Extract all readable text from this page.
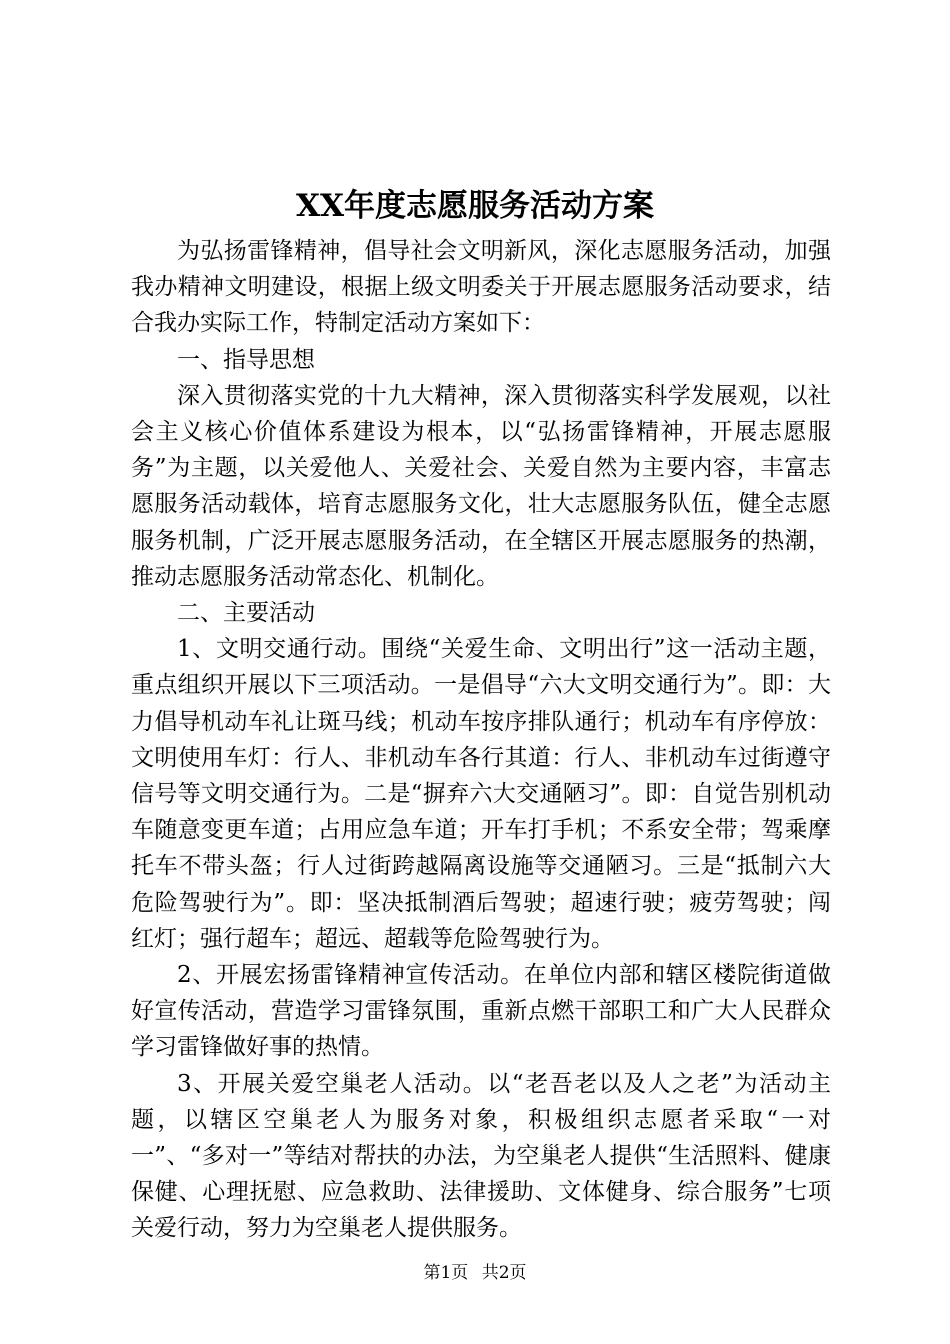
XX年度志愿服务活动方案

为弘扬雷锋精神，倡导社会文明新风，深化志愿服务活动，加强我办精神文明建设，根据上级文明委关于开展志愿服务活动要求，结合我办实际工作，特制定活动方案如下：

一、指导思想

深入贯彻落实党的十九大精神，深入贯彻落实科学发展观，以社会主义核心价值体系建设为根本，以“弘扬雷锋精神，开展志愿服务”为主题，以关爱他人、关爱社会、关爱自然为主要内容，丰富志愿服务活动载体，培育志愿服务文化，壮大志愿服务队伍，健全志愿服务机制，广泛开展志愿服务活动，在全辖区开展志愿服务的热潮，推动志愿服务活动常态化、机制化。

二、主要活动

1、文明交通行动。围绕“关爱生命、文明出行”这一活动主题，重点组织开展以下三项活动。一是倡导“六大文明交通行为”。即：大力倡导机动车礼让斑马线；机动车按序排队通行；机动车有序停放：文明使用车灯：行人、非机动车各行其道：行人、非机动车过街遵守信号等文明交通行为。二是“摒弃六大交通陋习”。即：自觉告别机动车随意变更车道；占用应急车道；开车打手机；不系安全带；驾乘摩托车不带头盔；行人过街跨越隔离设施等交通陋习。三是“抵制六大危险驾驶行为”。即：坚决抵制酒后驾驶；超速行驶；疲劳驾驶；闯红灯；强行超车；超远、超载等危险驾驶行为。

2、开展宏扬雷锋精神宣传活动。在单位内部和辖区楼院街道做好宣传活动，营造学习雷锋氛围，重新点燃干部职工和广大人民群众学习雷锋做好事的热情。

3、开展关爱空巢老人活动。以“老吾老以及人之老”为活动主题，以辖区空巢老人为服务对象，积极组织志愿者采取“一对一”、“多对一”等结对帮扶的办法，为空巢老人提供“生活照料、健康保健、心理抚慰、应急救助、法律援助、文体健身、综合服务”七项关爱行动，努力为空巢老人提供服务。

第1页 共2页
